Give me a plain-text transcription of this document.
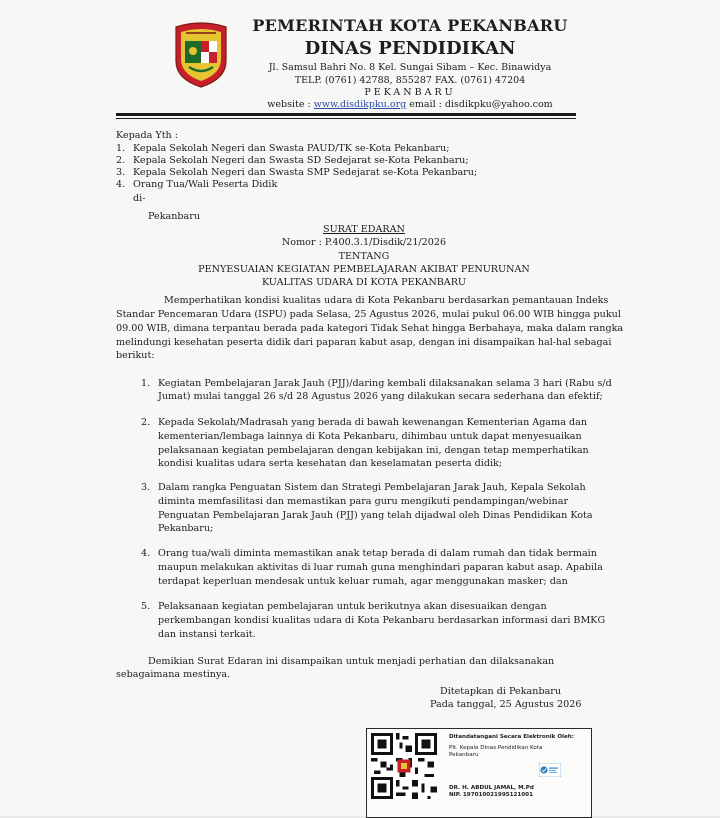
PEMERINTAH KOTA PEKANBARU
DINAS PENDIDIKAN
Jl. Samsul Bahri No. 8 Kel. Sungai Sibam – Kec. Binawidya
TELP. (0761) 42788, 855287 FAX. (0761) 47204
PEKANBARU
website : www.disdikpku.org email : disdikpku@yahoo.com
Kepada Yth :
1. Kepala Sekolah Negeri dan Swasta PAUD/TK se-Kota Pekanbaru;
2. Kepala Sekolah Negeri dan Swasta SD Sedejarat se-Kota Pekanbaru;
3. Kepala Sekolah Negeri dan Swasta SMP Sedejarat se-Kota Pekanbaru;
4. Orang Tua/Wali Peserta Didik
di-
Pekanbaru
SURAT EDARAN
Nomor : P.400.3.1/Disdik/21/2026
TENTANG
PENYESUAIAN KEGIATAN PEMBELAJARAN AKIBAT PENURUNAN
KUALITAS UDARA DI KOTA PEKANBARU
Memperhatikan kondisi kualitas udara di Kota Pekanbaru berdasarkan pemantauan Indeks
Standar Pencemaran Udara (ISPU) pada Selasa, 25 Agustus 2026, mulai pukul 06.00 WIB hingga pukul
09.00 WIB, dimana terpantau berada pada kategori Tidak Sehat hingga Berbahaya, maka dalam rangka
melindungi kesehatan peserta didik dari paparan kabut asap, dengan ini disampaikan hal-hal sebagai
berikut:
1. Kegiatan Pembelajaran Jarak Jauh (PJJ)/daring kembali dilaksanakan selama 3 hari (Rabu s/d
Jumat) mulai tanggal 26 s/d 28 Agustus 2026 yang dilakukan secara sederhana dan efektif;
2. Kepada Sekolah/Madrasah yang berada di bawah kewenangan Kementerian Agama dan
kementerian/lembaga lainnya di Kota Pekanbaru, dihimbau untuk dapat menyesuaikan
pelaksanaan kegiatan pembelajaran dengan kebijakan ini, dengan tetap memperhatikan
kondisi kualitas udara serta kesehatan dan keselamatan peserta didik;
3. Dalam rangka Penguatan Sistem dan Strategi Pembelajaran Jarak Jauh, Kepala Sekolah
diminta memfasilitasi dan memastikan para guru mengikuti pendampingan/webinar
Penguatan Pembelajaran Jarak Jauh (PJJ) yang telah dijadwal oleh Dinas Pendidikan Kota
Pekanbaru;
4. Orang tua/wali diminta memastikan anak tetap berada di dalam rumah dan tidak bermain
maupun melakukan aktivitas di luar rumah guna menghindari paparan kabut asap. Apabila
terdapat keperluan mendesak untuk keluar rumah, agar menggunakan masker; dan
5. Pelaksanaan kegiatan pembelajaran untuk berikutnya akan disesuaikan dengan
perkembangan kondisi kualitas udara di Kota Pekanbaru berdasarkan informasi dari BMKG
dan instansi terkait.
Demikian Surat Edaran ini disampaikan untuk menjadi perhatian dan dilaksanakan
sebagaimana mestinya.
Ditetapkan di Pekanbaru
Pada tanggal, 25 Agustus 2026
Ditandatangani Secara Elektronik Oleh:
Plt. Kepala Dinas Pendidikan Kota
Pekanbaru
DR. H. ABDUL JAMAL, M.Pd
NIP. 197010021995121001
